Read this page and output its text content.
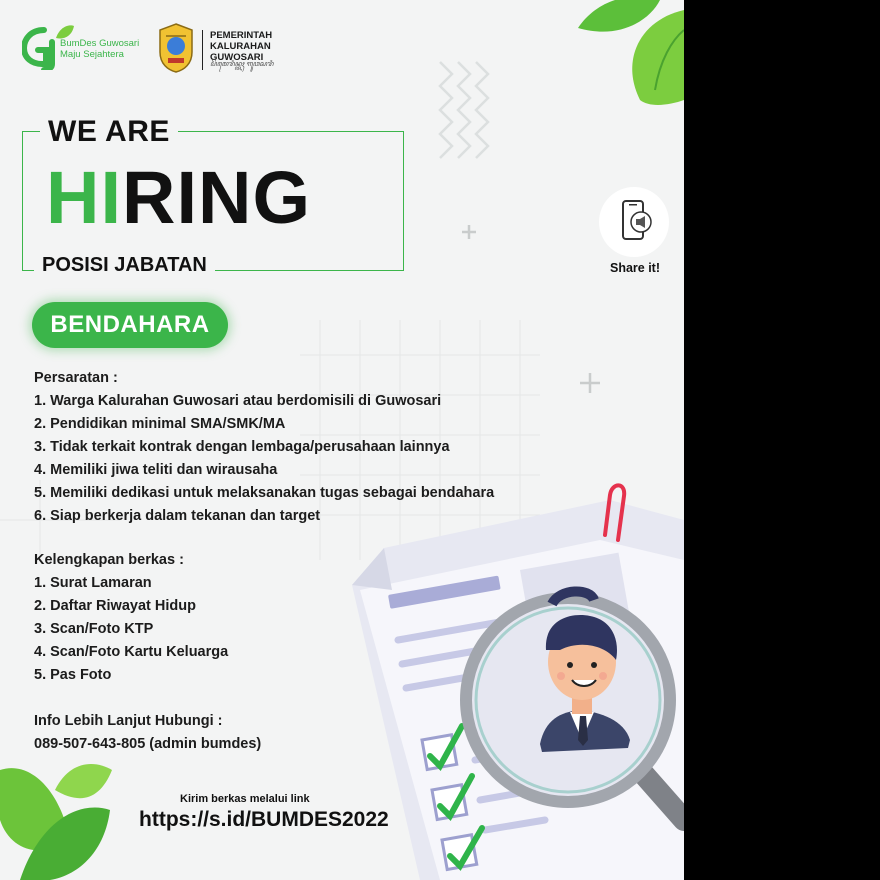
BumDes Guwosari
Maju Sejahtera
PEMERINTAH
KALURAHAN
GUWOSARI
ꦥꦼꦩꦺꦫꦶꦤ꧀ꦠꦃ ꦒꦸꦮꦱꦫꦶ
WE ARE
HIRING
POSISI JABATAN
BENDAHARA
Share it!
Persaratan :
1. Warga Kalurahan Guwosari atau berdomisili di Guwosari
2. Pendidikan minimal SMA/SMK/MA
3. Tidak terkait kontrak dengan lembaga/perusahaan lainnya
4. Memiliki jiwa teliti dan wirausaha
5. Memiliki dedikasi untuk melaksanakan tugas sebagai bendahara
6. Siap berkerja dalam tekanan dan target
Kelengkapan berkas :
1. Surat Lamaran
2. Daftar Riwayat Hidup
3. Scan/Foto KTP
4. Scan/Foto Kartu Keluarga
5. Pas Foto
Info Lebih Lanjut Hubungi :
089-507-643-805 (admin bumdes)
Kirim berkas melalui link
https://s.id/BUMDES2022
